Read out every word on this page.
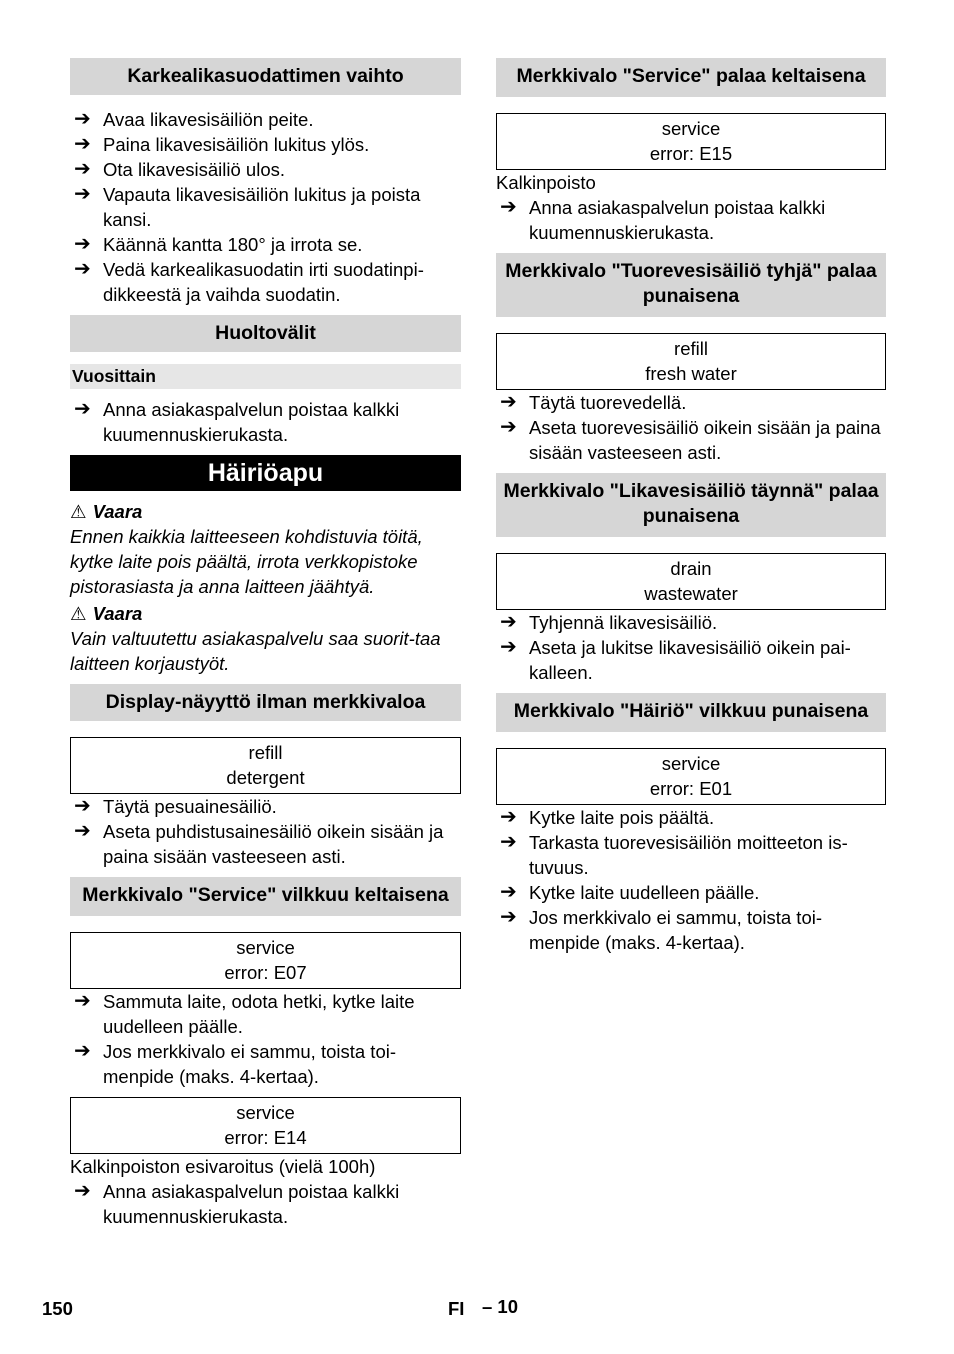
Karkealikasuodattimen vaihto
➔ Avaa likavesisäiliön peite.
➔ Paina likavesisäiliön lukitus ylös.
➔ Ota likavesisäiliö ulos.
➔ Vapauta likavesisäiliön lukitus ja poista kansi.
➔ Käännä kantta 180° ja irrota se.
➔ Vedä karkealikasuodatin irti suodatinpi-dikkeestä ja vaihda suodatin.
Huoltovälit
Vuosittain
➔ Anna asiakaspalvelun poistaa kalkki kuumennuskierukasta.
Häiriöapu
⚠ Vaara
Ennen kaikkia laitteeseen kohdistuvia töitä, kytke laite pois päältä, irrota verkkopistoke pistorasiasta ja anna laitteen jäähtyä.
⚠ Vaara
Vain valtuutettu asiakaspalvelu saa suorit-taa laitteen korjaustyöt.
Display-näyyttö ilman merkkivaloa
refill
detergent
➔ Täytä pesuainesäiliö.
➔ Aseta puhdistusainesäiliö oikein sisään ja paina sisään vasteeseen asti.
Merkkivalo "Service" vilkkuu keltaisena
service
error: E07
➔ Sammuta laite, odota hetki, kytke laite uudelleen päälle.
➔ Jos merkkivalo ei sammu, toista toi-menpide (maks. 4-kertaa).
service
error: E14
Kalkinpoiston esivaroitus (vielä 100h)
➔ Anna asiakaspalvelun poistaa kalkki kuumennuskierukasta.
Merkkivalo "Service" palaa keltaisena
service
error: E15
Kalkinpoisto
➔ Anna asiakaspalvelun poistaa kalkki kuumennuskierukasta.
Merkkivalo "Tuorevesisäiliö tyhjä" palaa punaisena
refill
fresh water
➔ Täytä tuorevedellä.
➔ Aseta tuorevesisäiliö oikein sisään ja paina sisään vasteeseen asti.
Merkkivalo "Likavesisäiliö täynnä" palaa punaisena
drain
wastewater
➔ Tyhjennä likavesisäiliö.
➔ Aseta ja lukitse likavesisäiliö oikein pai-kalleen.
Merkkivalo "Häiriö" vilkkuu punaisena
service
error: E01
➔ Kytke laite pois päältä.
➔ Tarkasta tuorevesisäiliön moitteeton is-tuvuus.
➔ Kytke laite uudelleen päälle.
➔ Jos merkkivalo ei sammu, toista toi-menpide (maks. 4-kertaa).
150	FI – 10
